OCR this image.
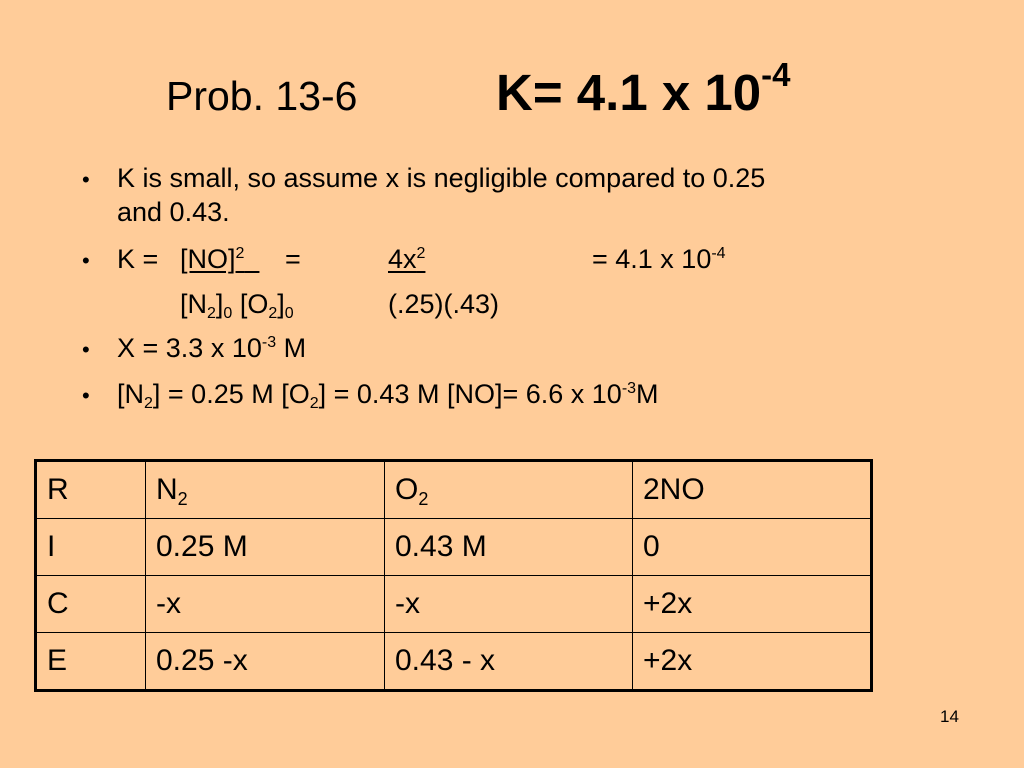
Prob. 13-6	K= 4.1 x $10^{-4}$
• K is small, so assume x is negligible compared to 0.25
and 0.43.
• K = [NO]$^2$	=	$4x^2$	= 4.1 x $10^{-4}$
$[N_2]_0$ $[O_2]_0$	(.25)(.43)
• X = 3.3 x $10^{-3}$ M
• $[N_2] = 0.25$ M $[O_2] = 0.43$ M [NO]= 6.6 x $10^{-3}M$
R	$N_2$	$O_2$	2NO
I	0.25 M	0.43 M	0
C	-x	-x	+2x
E	0.25 -x	0.43 - x	+2x
14
